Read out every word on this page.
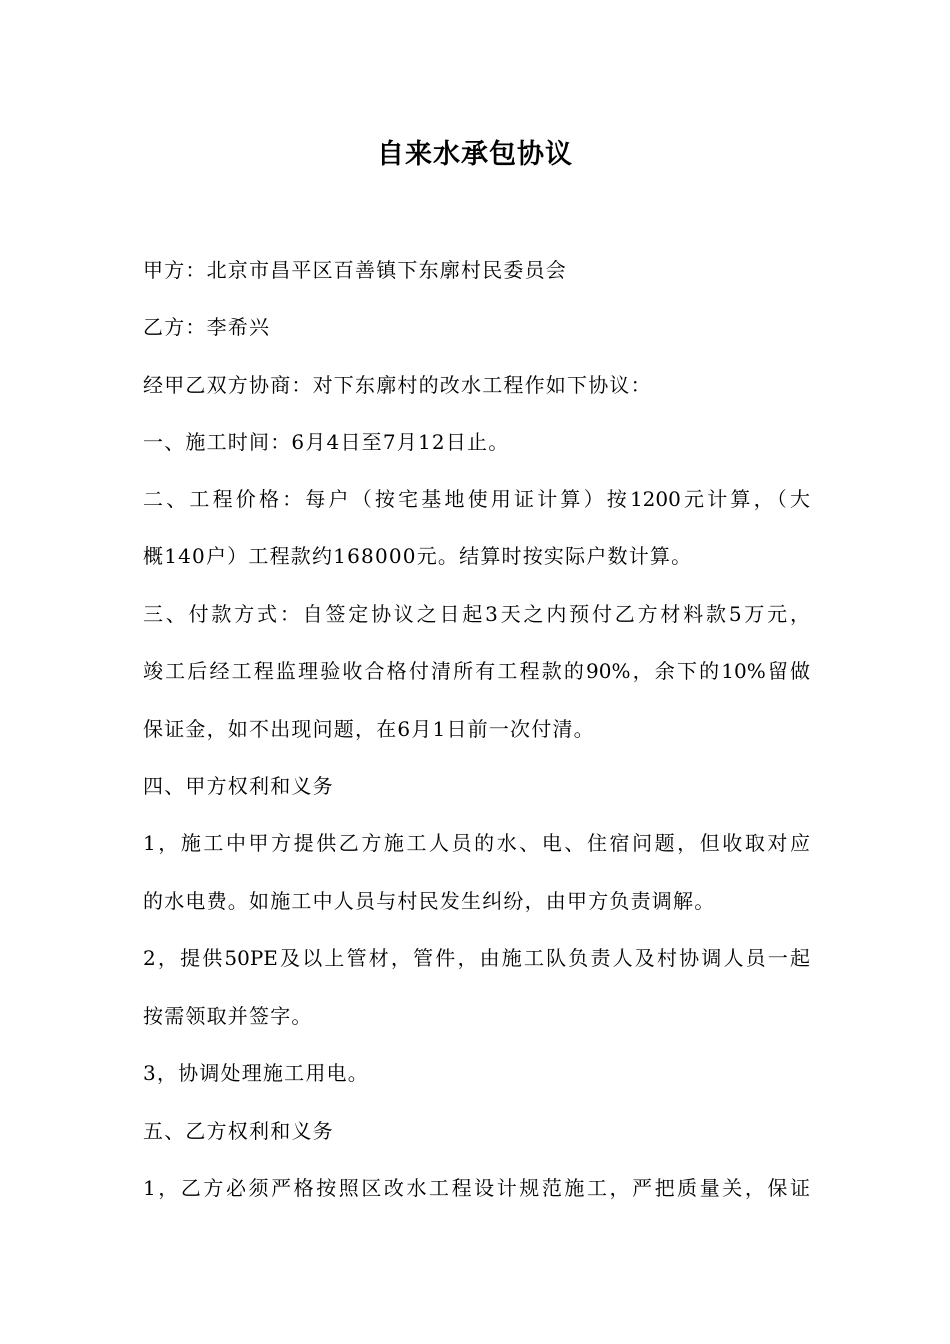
自来水承包协议
甲方：北京市昌平区百善镇下东廓村民委员会
乙方：李希兴
经甲乙双方协商：对下东廓村的改水工程作如下协议：
一、施工时间：6月4日至7月12日止。
二、工程价格：每户（按宅基地使用证计算）按1200元计算，（大
概140户）工程款约168000元。结算时按实际户数计算。
三、付款方式：自签定协议之日起3天之内预付乙方材料款5万元，
竣工后经工程监理验收合格付清所有工程款的90%，余下的10%留做
保证金，如不出现问题，在6月1日前一次付清。
四、甲方权利和义务
1，施工中甲方提供乙方施工人员的水、电、住宿问题，但收取对应
的水电费。如施工中人员与村民发生纠纷，由甲方负责调解。
2，提供50PE及以上管材，管件，由施工队负责人及村协调人员一起
按需领取并签字。
3，协调处理施工用电。
五、乙方权利和义务
1，乙方必须严格按照区改水工程设计规范施工，严把质量关，保证
